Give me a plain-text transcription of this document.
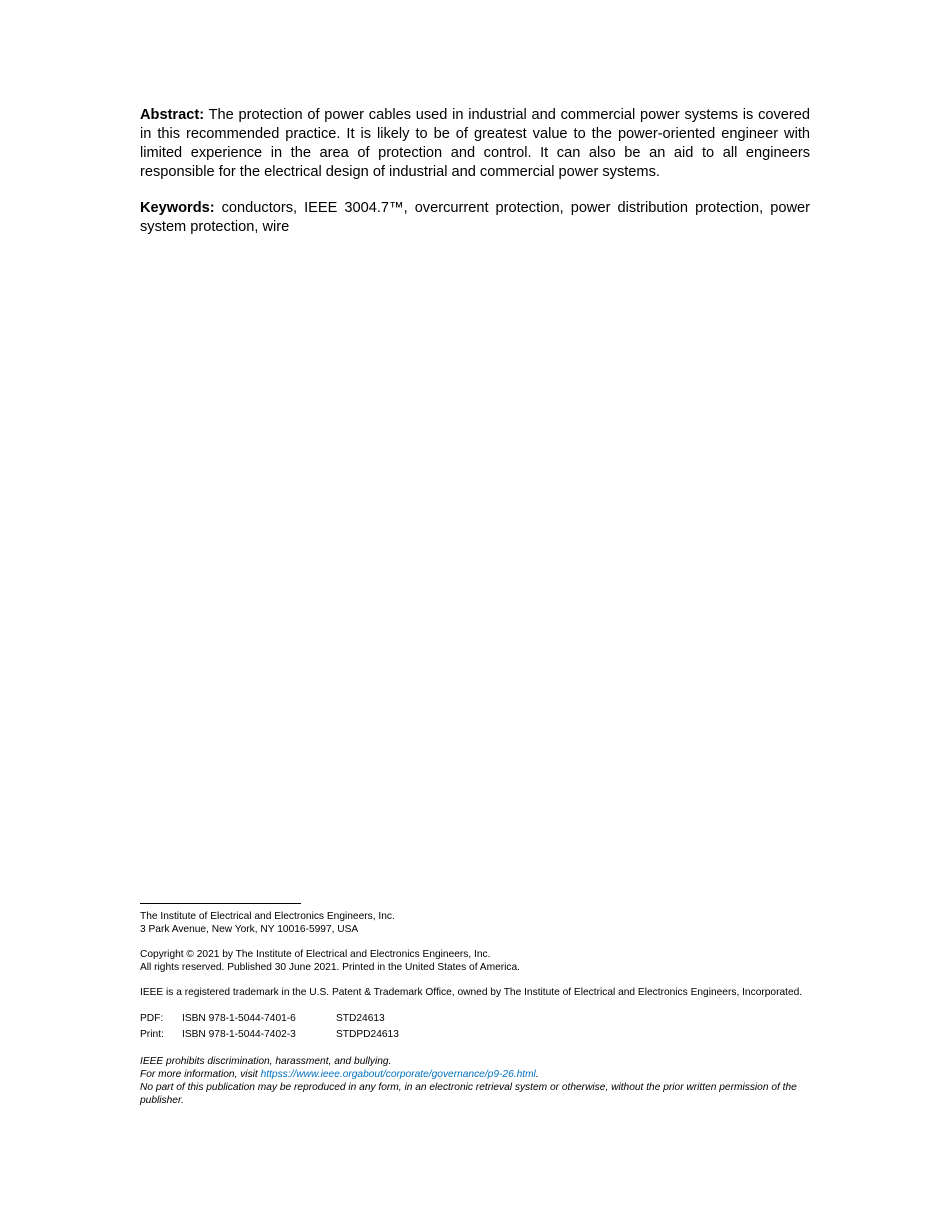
Abstract: The protection of power cables used in industrial and commercial power systems is covered in this recommended practice. It is likely to be of greatest value to the power-oriented engineer with limited experience in the area of protection and control. It can also be an aid to all engineers responsible for the electrical design of industrial and commercial power systems.

Keywords: conductors, IEEE 3004.7™, overcurrent protection, power distribution protection, power system protection, wire

The Institute of Electrical and Electronics Engineers, Inc.
3 Park Avenue, New York, NY 10016-5997, USA
Copyright © 2021 by The Institute of Electrical and Electronics Engineers, Inc.
All rights reserved. Published 30 June 2021. Printed in the United States of America.
IEEE is a registered trademark in the U.S. Patent & Trademark Office, owned by The Institute of Electrical and Electronics Engineers, Incorporated.
PDF:	ISBN 978-1-5044-7401-6	STD24613
Print:	ISBN 978-1-5044-7402-3	STDPD24613
IEEE prohibits discrimination, harassment, and bullying.
For more information, visit httpss://www.ieee.orgabout/corporate/governance/p9-26.html.
No part of this publication may be reproduced in any form, in an electronic retrieval system or otherwise, without the prior written permission of the publisher.
